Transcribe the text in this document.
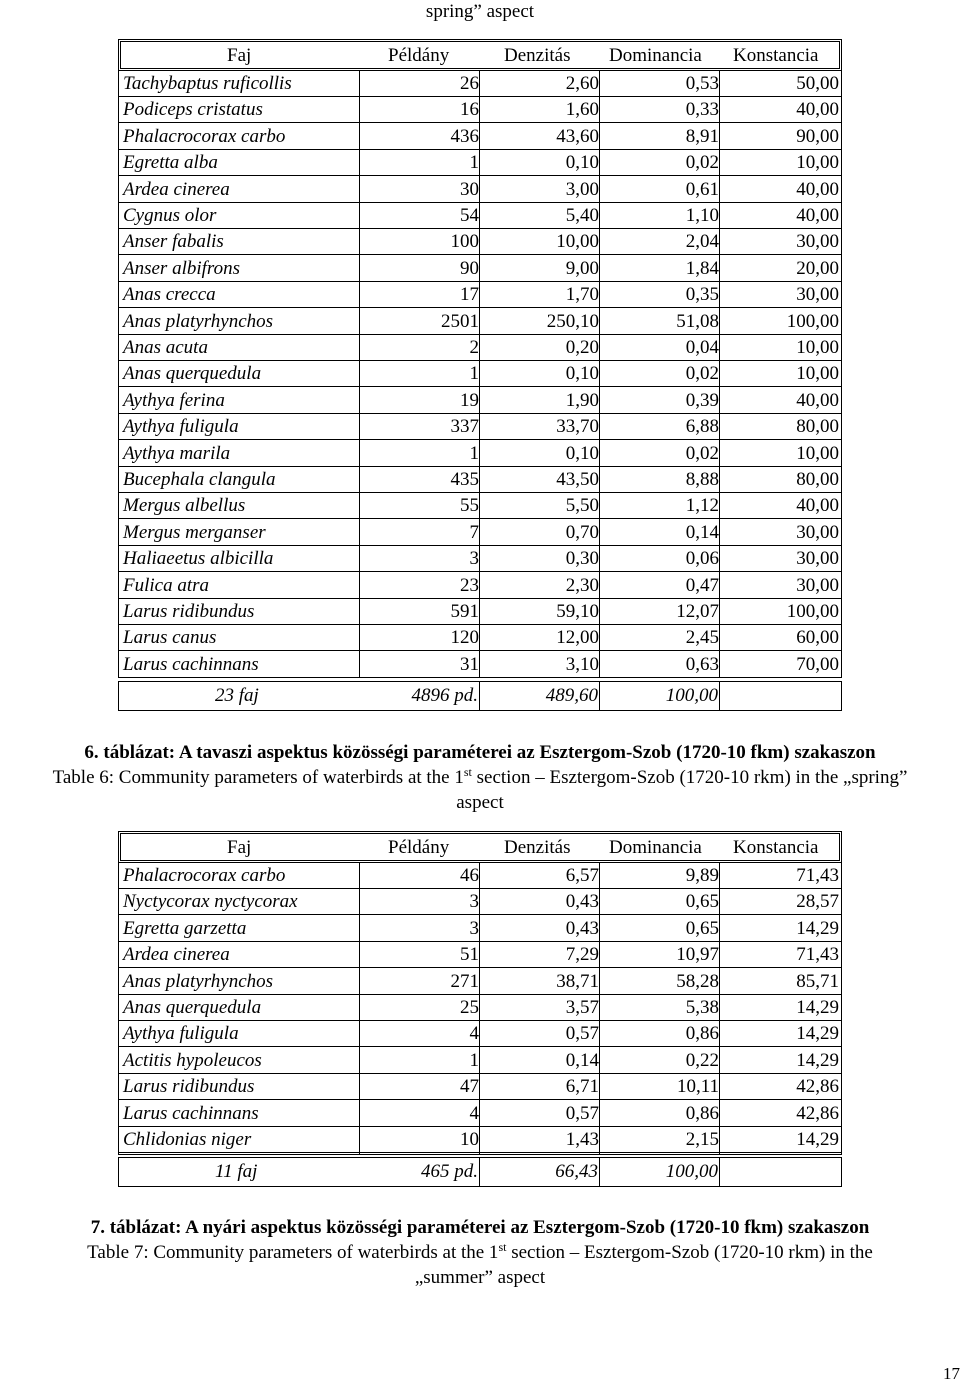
spring” aspect
Faj	Példány	Denzitás Dominancia Konstancia
Tachybaptus ruficollis	26	2,60	0,53	50,00
Podiceps cristatus	16	1,60	0,33	40,00
Phalacrocorax carbo	436	43,60	8,91	90,00
Egretta alba	1	0,10	0,02	10,00
Ardea cinerea	30	3,00	0,61	40,00
Cygnus olor	54	5,40	1,10	40,00
Anser fabalis	100	10,00	2,04	30,00
Anser albifrons	90	9,00	1,84	20,00
Anas crecca	17	1,70	0,35	30,00
Anas platyrhynchos	2501	250,10	51,08	100,00
Anas acuta	2	0,20	0,04	10,00
Anas querquedula	1	0,10	0,02	10,00
Aythya ferina	19	1,90	0,39	40,00
Aythya fuligula	337	33,70	6,88	80,00
Aythya marila	1	0,10	0,02	10,00
Bucephala clangula	435	43,50	8,88	80,00
Mergus albellus	55	5,50	1,12	40,00
Mergus merganser	7	0,70	0,14	30,00
Haliaeetus albicilla	3	0,30	0,06	30,00
Fulica atra	23	2,30	0,47	30,00
Larus ridibundus	591	59,10	12,07	100,00
Larus canus	120	12,00	2,45	60,00
Larus cachinnans	31	3,10	0,63	70,00
23 faj	4896 pd.	489,60	100,00
6. táblázat: A tavaszi aspektus közösségi paraméterei az Esztergom-Szob (1720-10 fkm) szakaszon
Table 6: Community parameters of waterbirds at the 1st section – Esztergom-Szob (1720-10 rkm) in the „spring”
aspect
Faj	Példány	Denzitás Dominancia Konstancia
Phalacrocorax carbo	46	6,57	9,89	71,43
Nyctycorax nyctycorax	3	0,43	0,65	28,57
Egretta garzetta	3	0,43	0,65	14,29
Ardea cinerea	51	7,29	10,97	71,43
Anas platyrhynchos	271	38,71	58,28	85,71
Anas querquedula	25	3,57	5,38	14,29
Aythya fuligula	4	0,57	0,86	14,29
Actitis hypoleucos	1	0,14	0,22	14,29
Larus ridibundus	47	6,71	10,11	42,86
Larus cachinnans	4	0,57	0,86	42,86
Chlidonias niger	10	1,43	2,15	14,29
11 faj	465 pd.	66,43	100,00
7. táblázat: A nyári aspektus közösségi paraméterei az Esztergom-Szob (1720-10 fkm) szakaszon
Table 7: Community parameters of waterbirds at the 1st section – Esztergom-Szob (1720-10 rkm) in the
„summer” aspect
17
